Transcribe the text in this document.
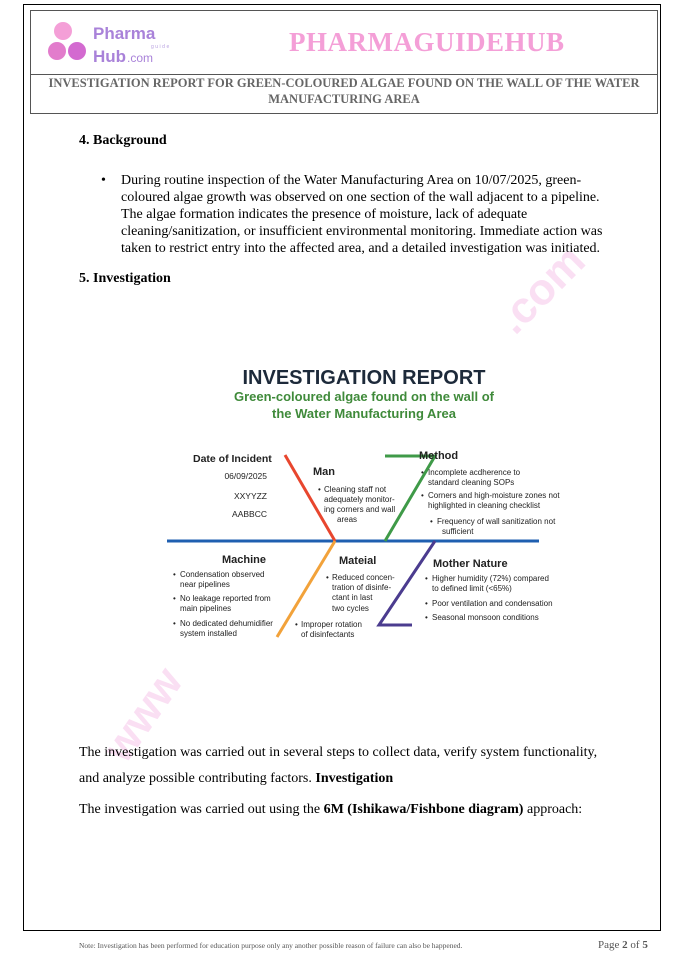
Pharma
guide
Hub .com
PHARMAGUIDEHUB
INVESTIGATION REPORT FOR GREEN-COLOURED ALGAE FOUND ON THE WALL OF THE WATER
MANUFACTURING AREA
4. Background
• During routine inspection of the Water Manufacturing Area on 10/07/2025, green-
coloured algae growth was observed on one section of the wall adjacent to a pipeline.
The algae formation indicates the presence of moisture, lack of adequate
cleaning/sanitization, or insufficient environmental monitoring. Immediate action was
taken to restrict entry into the affected area, and a detailed investigation was initiated.
5. Investigation	.com
www
INVESTIGATION REPORT
Green-coloured algae found on the wall of
the Water Manufacturing Area
Date of Incident
06/09/2025
XXYYZZ
AABBCC
Man
• Cleaning staff not
adequately monitor-
ing corners and wall
areas
Method
• Incomplete acdherence to
standard cleaning SOPs
• Corners and high-moisture zones not
highlighted in cleaning checklist
• Frequency of wall sanitization not
sufficient
Machine
• Condensation observed
near pipelines
• No leakage reported from
main pipelines
• No dedicated dehumidifier
system installed
Mateial
• Reduced concen-
tration of disinfe-
ctant in last
two cycles
• Improper rotation
of disinfectants
Mother Nature
• Higher humidity (72%) compared
to defined limit (<65%)
• Poor ventilation and condensation
• Seasonal monsoon conditions
The investigation was carried out in several steps to collect data, verify system functionality,
and analyze possible contributing factors. Investigation
The investigation was carried out using the 6M (Ishikawa/Fishbone diagram) approach:
Note: Investigation has been performed for education purpose only any another possible reason of failure can also be happened.	Page 2 of 5
